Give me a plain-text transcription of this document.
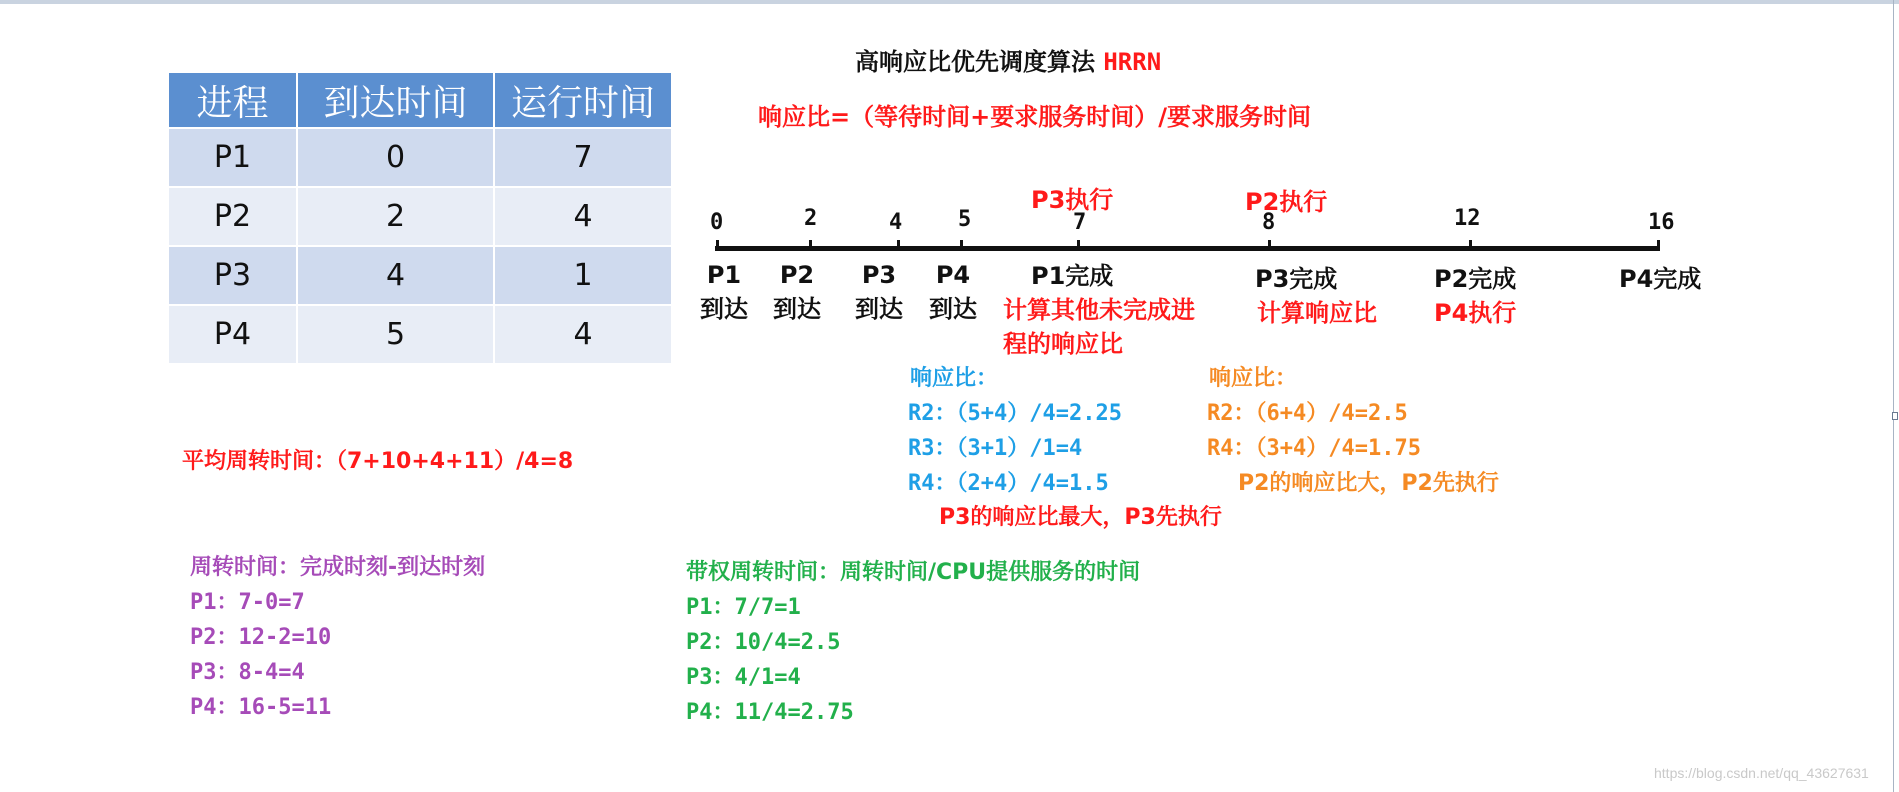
高响应比优先调度算法 HRRN
响应比=（等待时间+要求服务时间）/要求服务时间
进程	到达时间	运行时间
P1	0	7
P2	2	4
P3	4	1
P4	5	4
0	2	4	5	7	8	12	16
P3执行	P2执行
P1
到达
P2
到达
P3
到达
P4
到达
P1完成
计算其他未完成进
程的响应比
P3完成
计算响应比
P2完成
P4执行
P4完成
响应比：
R2：（5+4）/4=2.25
R3：（3+1）/1=4
R4：（2+4）/4=1.5
P3的响应比最大，P3先执行
响应比：
R2：（6+4）/4=2.5
R4：（3+4）/4=1.75
P2的响应比大，P2先执行
平均周转时间：（7+10+4+11）/4=8
周转时间：完成时刻-到达时刻
P1：7-0=7
P2：12-2=10
P3：8-4=4
P4：16-5=11
带权周转时间：周转时间/CPU提供服务的时间
P1：7/7=1
P2：10/4=2.5
P3：4/1=4
P4：11/4=2.75
https://blog.csdn.net/qq_43627631
